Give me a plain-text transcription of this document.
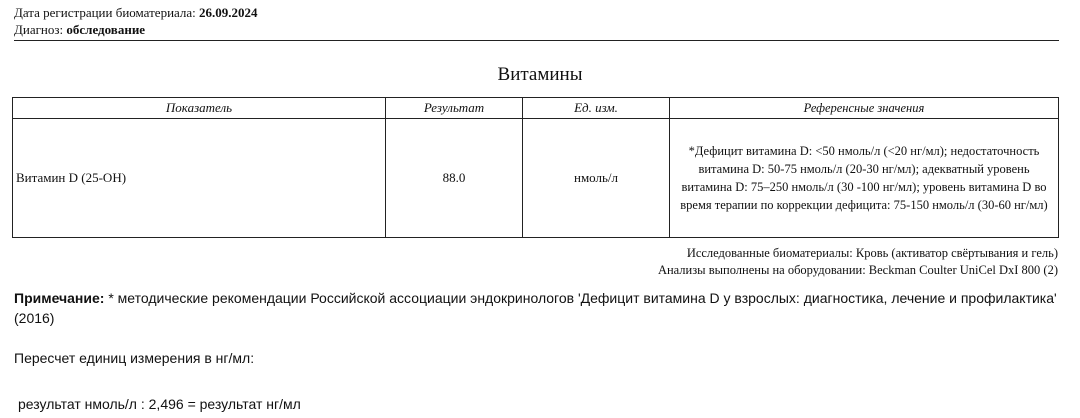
Дата регистрации биоматериала: 26.09.2024
Диагноз: обследование
Витамины
Показатель	Результат	Ед. изм.	Референсные значения
Витамин D (25-OH)	88.0	нмоль/л	*Дефицит витамина D: <50 нмоль/л (<20 нг/мл); недостаточность витамина D: 50-75 нмоль/л (20-30 нг/мл); адекватный уровень витамина D: 75–250 нмоль/л (30 -100 нг/мл); уровень витамина D во время терапии по коррекции дефицита: 75-150 нмоль/л (30-60 нг/мл)
Исследованные биоматериалы: Кровь (активатор свёртывания и гель)
Анализы выполнены на оборудовании: Beckman Coulter UniCel DxI 800 (2)
Примечание: * методические рекомендации Российской ассоциации эндокринологов 'Дефицит витамина D у взрослых: диагностика, лечение и профилактика' (2016)
Пересчет единиц измерения в нг/мл:
результат нмоль/л : 2,496 = результат нг/мл
